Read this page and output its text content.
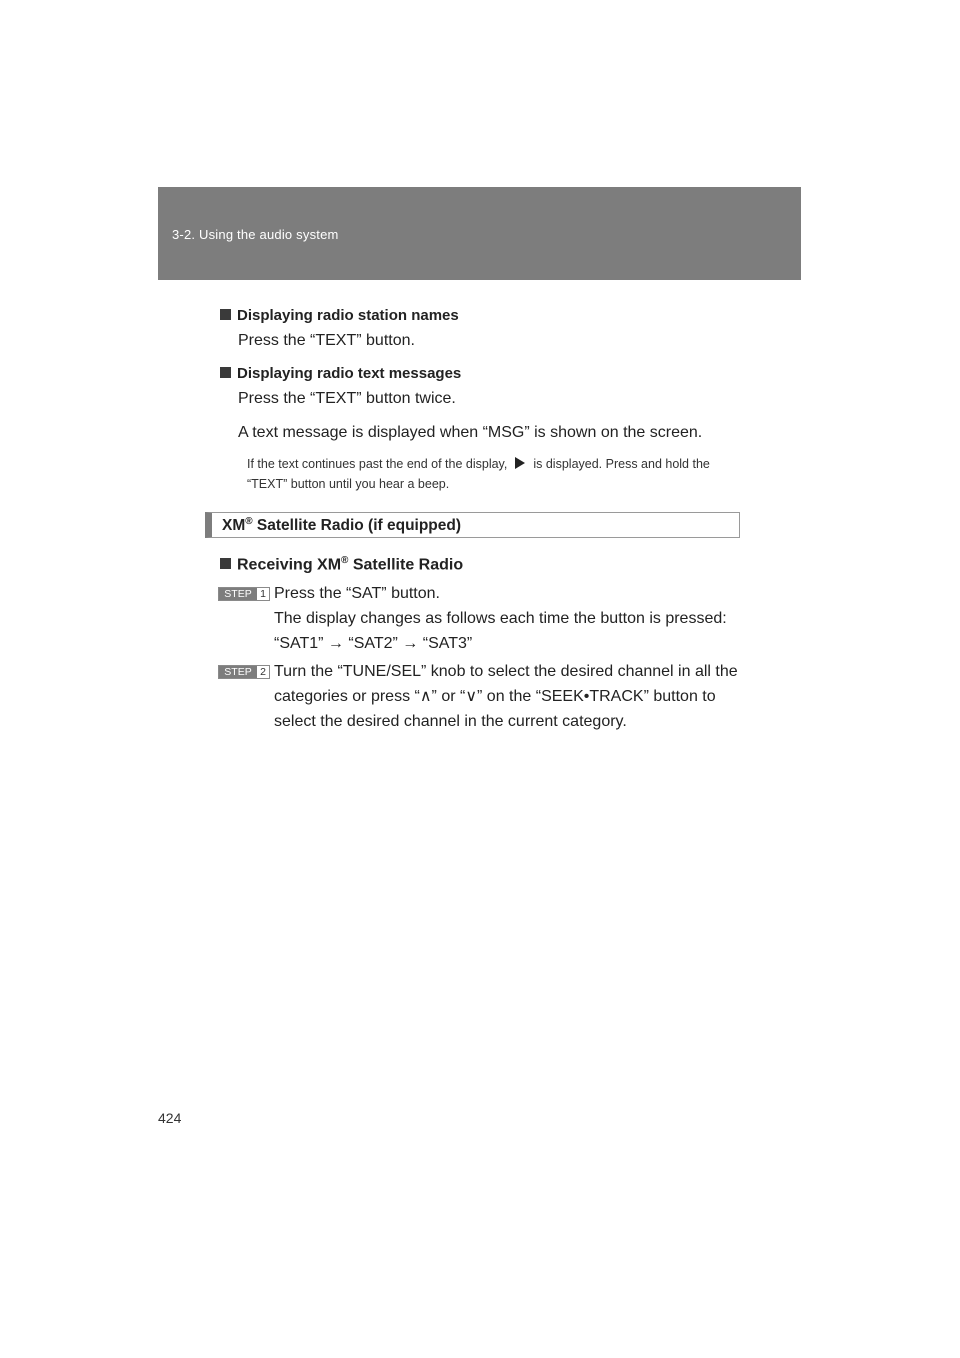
3-2. Using the audio system
Displaying radio station names
Press the “TEXT” button.
Displaying radio text messages
Press the “TEXT” button twice.
A text message is displayed when “MSG” is shown on the screen.
If the text continues past the end of the display, is displayed. Press and hold the “TEXT” button until you hear a beep.
XM® Satellite Radio (if equipped)
Receiving XM® Satellite Radio
STEP 1 Press the “SAT” button.
The display changes as follows each time the button is pressed:
“SAT1” → “SAT2” → “SAT3”
STEP 2 Turn the “TUNE/SEL” knob to select the desired channel in all the
categories or press “∧” or “∨” on the “SEEK•TRACK” button to
select the desired channel in the current category.
424
